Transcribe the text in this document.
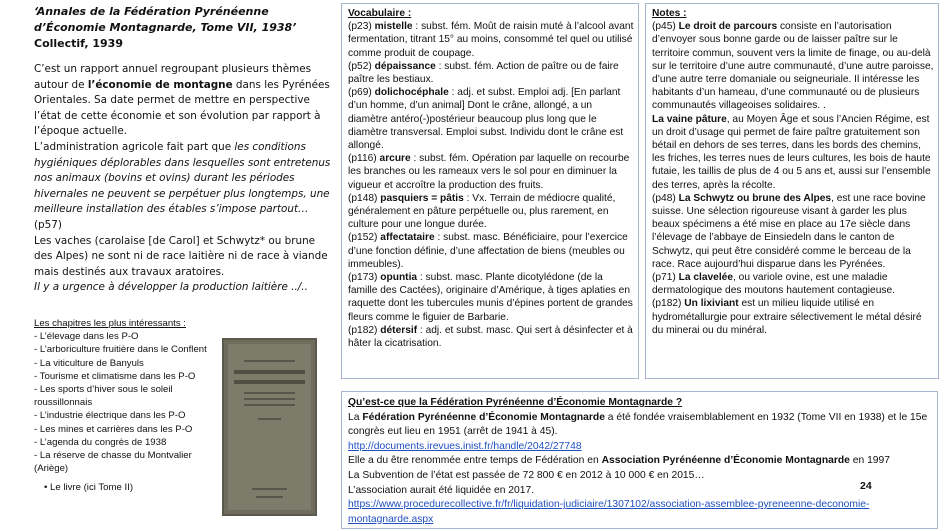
‘Annales de la Fédération Pyrénéenne d’Économie Montagnarde, Tome VII, 1938’ Collectif, 1939

C’est un rapport annuel regroupant plusieurs thèmes autour de l’économie de montagne dans les Pyrénées Orientales. Sa date permet de mettre en perspective l’état de cette économie et son évolution par rapport à l’époque actuelle.

L’administration agricole fait part que les conditions hygiéniques déplorables dans lesquelles sont entretenus nos animaux (bovins et ovins) durant les périodes hivernales ne peuvent se perpétuer plus longtemps, une meilleure installation des étables s’impose partout… (p57)

Les vaches (carolaise [de Carol] et Schwytz* ou brune des Alpes) ne sont ni de race laitière ni de race à viande mais destinés aux travaux aratoires.

Il y a urgence à développer la production laitière ../..

Les chapitres les plus intéressants :
- L’élevage dans les P-O
- L’arboriculture fruitière dans le Conflent
- La viticulture de Banyuls
- Tourisme et climatisme dans les P-O
- Les sports d’hiver sous le soleil roussillonnais
- L’industrie électrique dans les P-O
- Les mines et carrières dans les P-O
- L’agenda du congrès de 1938
- La réserve de chasse du Montvalier (Ariège)
• Le livre (ici Tome II)
Vocabulaire :
(p23) mistelle : subst. fém. Moût de raisin muté à l’alcool avant fermentation, titrant 15° au moins, consommé tel quel ou utilisé comme produit de coupage.
(p52) dépaissance : subst. fém. Action de paître ou de faire paître les bestiaux.
(p69) dolichocéphale : adj. et subst. Emploi adj. [En parlant d’un homme, d’un animal] Dont le crâne, allongé, a un diamètre antéro(-)postérieur beaucoup plus long que le diamètre transversal. Emploi subst. Individu dont le crâne est allongé.
(p116) arcure : subst. fém. Opération par laquelle on recourbe les branches ou les rameaux vers le sol pour en diminuer la vigueur et accroître la production des fruits.
(p148) pasquiers = pâtis : Vx. Terrain de médiocre qualité, généralement en pâture perpétuelle ou, plus rarement, en culture pour une longue durée.
(p152) affectataire : subst. masc. Bénéficiaire, pour l’exercice d’une fonction définie, d’une affectation de biens (meubles ou immeubles).
(p173) opuntia : subst. masc. Plante dicotylédone (de la famille des Cactées), originaire d’Amérique, à tiges aplaties en raquette dont les tubercules munis d’épines portent de grandes fleurs comme le figuier de Barbarie.
(p182) détersif : adj. et subst. masc. Qui sert à désinfecter et à hâter la cicatrisation.
Notes :
(p45) Le droit de parcours consiste en l’autorisation d’envoyer sous bonne garde ou de laisser paître sur le territoire commun, souvent vers la limite de finage, ou au-delà sur le territoire d’une autre communauté, d’une autre paroisse, d’une autre terre domaniale ou seigneuriale. Il intéresse les habitants d’un hameau, d’une communauté ou de plusieurs communautés villageoises solidaires. .
La vaine pâture, au Moyen Âge et sous l’Ancien Régime, est un droit d’usage qui permet de faire paître gratuitement son bétail en dehors de ses terres, dans les bords des chemins, les friches, les terres nues de leurs cultures, les bois de haute futaie, les taillis de plus de 4 ou 5 ans et, aussi sur l’ensemble des terres, après la récolte.
(p48) La Schwytz ou brune des Alpes, est une race bovine suisse. Une sélection rigoureuse visant à garder les plus beaux spécimens a été mise en place au 17e siècle dans l’élevage de l’abbaye de Einsiedeln dans le canton de Schwytz, qui peut être considéré comme le berceau de la race. Race aujourd’hui disparue dans les Pyrénées.
(p71) La clavelée, ou variole ovine, est une maladie dermatologique des moutons hautement contagieuse.
(p182) Un lixiviant est un milieu liquide utilisé en hydrométallurgie pour extraire sélectivement le métal désiré du minerai ou du minéral.
Qu’est-ce que la Fédération Pyrénéenne d’Économie Montagnarde ?
La Fédération Pyrénéenne d’Économie Montagnarde a été fondée vraisemblablement en 1932 (Tome VII en 1938) et le 15e congrès eut lieu en 1951 (arrêt de 1941 à 45).
http://documents.irevues.inist.fr/handle/2042/27748
Elle a du être renommée entre temps de Fédération en Association Pyrénéenne d’Économie Montagnarde en 1997
La Subvention de l’état est passée de 72 800 € en 2012 à 10 000 € en 2015…
L’association aurait été liquidée en 2017.
https://www.procedurecollective.fr/fr/liquidation-judiciaire/1307102/association-assemblee-pyreneenne-deconomie-montagnarde.aspx
24
